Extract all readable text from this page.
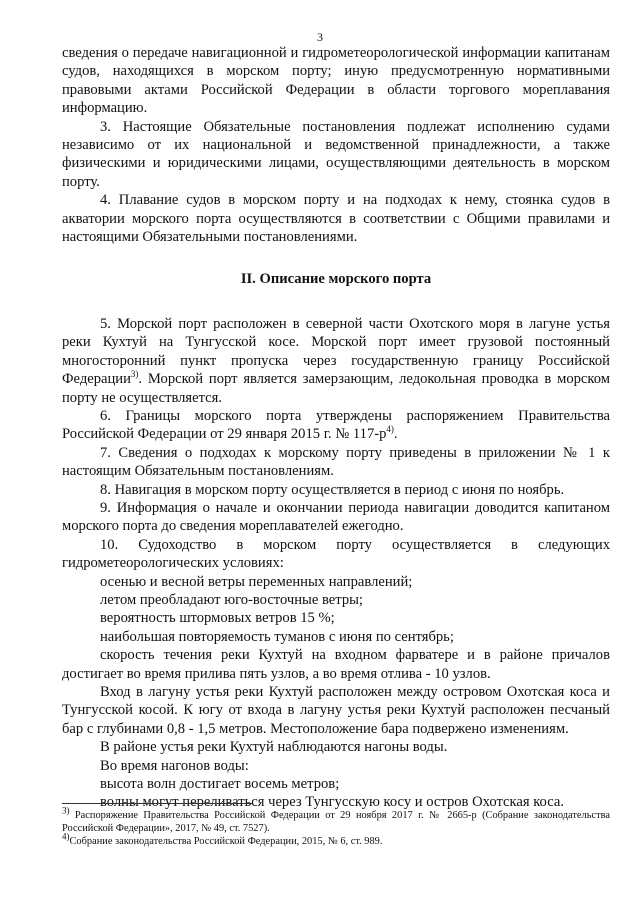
3

сведения о передаче навигационной и гидрометеорологической информации капитанам судов, находящихся в морском порту; иную предусмотренную нормативными правовыми актами Российской Федерации в области торгового мореплавания информацию.

3. Настоящие Обязательные постановления подлежат исполнению судами независимо от их национальной и ведомственной принадлежности, а также физическими и юридическими лицами, осуществляющими деятельность в морском порту.

4. Плавание судов в морском порту и на подходах к нему, стоянка судов в акватории морского порта осуществляются в соответствии с Общими правилами и настоящими Обязательными постановлениями.

II. Описание морского порта

5. Морской порт расположен в северной части Охотского моря в лагуне устья реки Кухтуй на Тунгусской косе. Морской порт имеет грузовой постоянный многосторонний пункт пропуска через государственную границу Российской Федерации$^{3)}$. Морской порт является замерзающим, ледокольная проводка в морском порту не осуществляется.

6. Границы морского порта утверждены распоряжением Правительства Российской Федерации от 29 января 2015 г. № $117-р^{4)}$.

7. Сведения о подходах к морскому порту приведены в приложении № 1 к настоящим Обязательным постановлениям.

8. Навигация в морском порту осуществляется в период с июня по ноябрь.

9. Информация о начале и окончании периода навигации доводится капитаном морского порта до сведения мореплавателей ежегодно.

10. Судоходство в морском порту осуществляется в следующих гидрометеорологических условиях:

осенью и весной ветры переменных направлений;

летом преобладают юго-восточные ветры;

вероятность штормовых ветров 15 %;

наибольшая повторяемость туманов с июня по сентябрь;

скорость течения реки Кухтуй на входном фарватере и в районе причалов достигает во время прилива пять узлов, а во время отлива - 10 узлов.

Вход в лагуну устья реки Кухтуй расположен между островом Охотская коса и Тунгусской косой. К югу от входа в лагуну устья реки Кухтуй расположен песчаный бар с глубинами 0,8 - 1,5 метров. Местоположение бара подвержено изменениям.

В районе устья реки Кухтуй наблюдаются нагоны воды.

Во время нагонов воды:

высота волн достигает восемь метров;

волны могут переливаться через Тунгусскую косу и остров Охотская коса.

$^{3)}$ Распоряжение Правительства Российской Федерации от 29 ноября 2017 г. № 2665-р (Собрание законодательства Российской Федерации», 2017, № 49, ст. 7527).

$^{4)}$Собрание законодательства Российской Федерации, 2015, № 6, ст. 989.
